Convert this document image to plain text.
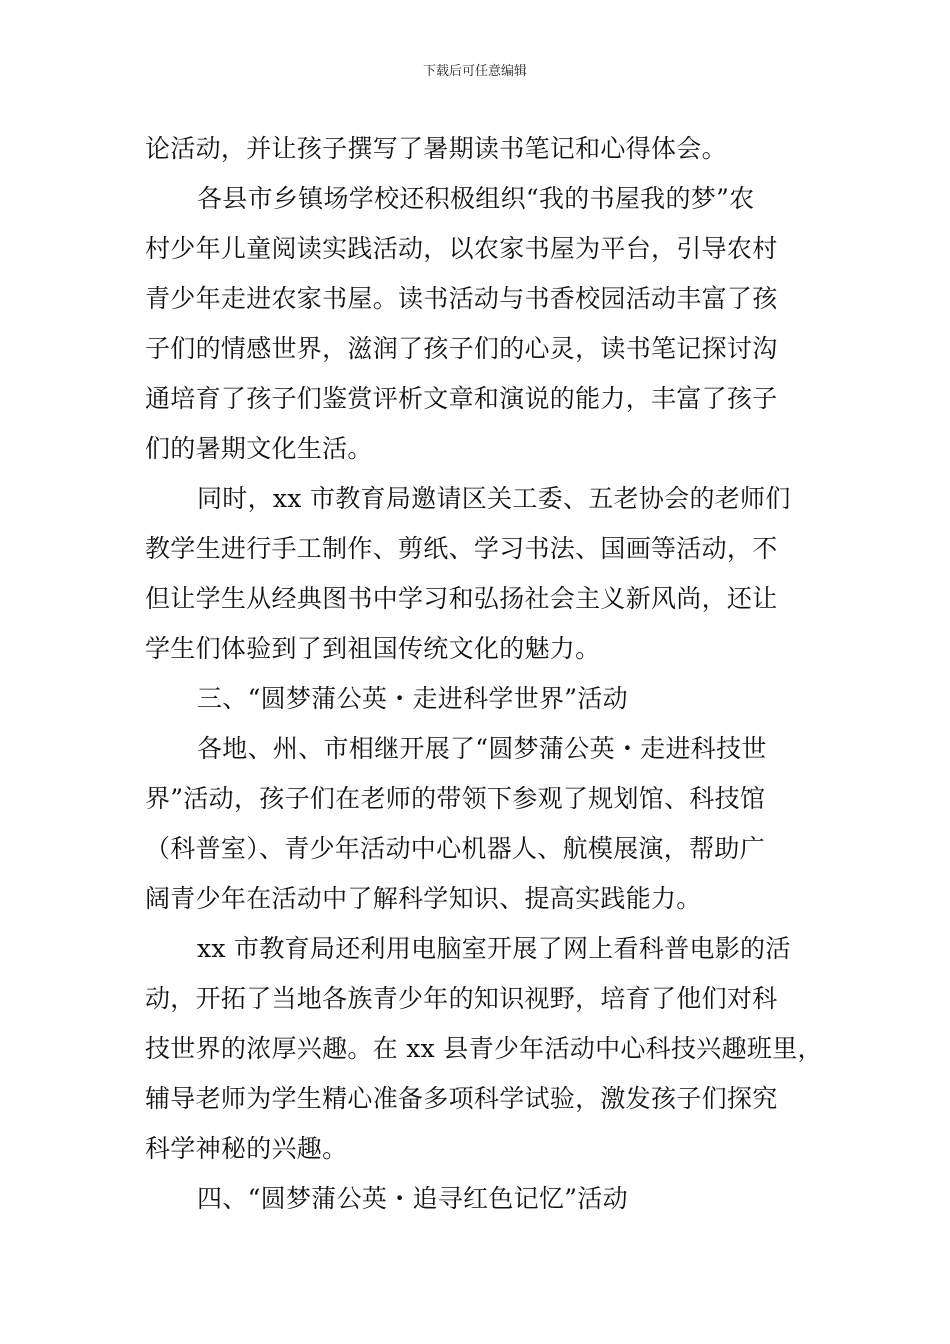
下载后可任意编辑
论活动，并让孩子撰写了暑期读书笔记和心得体会。
各县市乡镇场学校还积极组织“我的书屋我的梦”农
村少年儿童阅读实践活动，以农家书屋为平台，引导农村
青少年走进农家书屋。读书活动与书香校园活动丰富了孩
子们的情感世界，滋润了孩子们的心灵，读书笔记探讨沟
通培育了孩子们鉴赏评析文章和演说的能力，丰富了孩子
们的暑期文化生活。
同时，xx 市教育局邀请区关工委、五老协会的老师们
教学生进行手工制作、剪纸、学习书法、国画等活动，不
但让学生从经典图书中学习和弘扬社会主义新风尚，还让
学生们体验到了到祖国传统文化的魅力。
三、“圆梦蒲公英・走进科学世界”活动
各地、州、市相继开展了“圆梦蒲公英・走进科技世
界”活动，孩子们在老师的带领下参观了规划馆、科技馆
（科普室）、青少年活动中心机器人、航模展演，帮助广
阔青少年在活动中了解科学知识、提高实践能力。
xx 市教育局还利用电脑室开展了网上看科普电影的活
动，开拓了当地各族青少年的知识视野，培育了他们对科
技世界的浓厚兴趣。在 xx 县青少年活动中心科技兴趣班里，
辅导老师为学生精心准备多项科学试验，激发孩子们探究
科学神秘的兴趣。
四、“圆梦蒲公英・追寻红色记忆”活动
